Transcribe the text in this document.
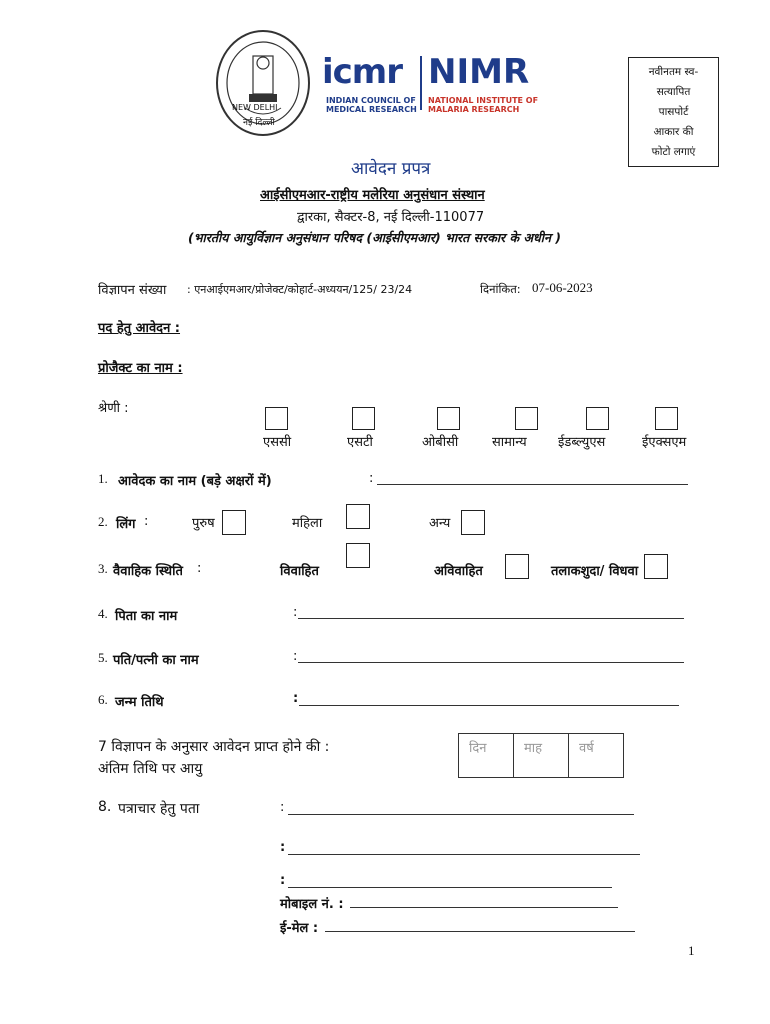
NEW DELHI
नई दिल्ली
icmr NIMR
INDIAN COUNCIL OF
MEDICAL RESEARCH
NATIONAL INSTITUTE OF
MALARIA RESEARCH
नवीनतम स्व-
सत्यापित
पासपोर्ट
आकार की
फोटो लगाएं
आवेदन प्रपत्र
आईसीएमआर-राष्ट्रीय मलेरिया अनुसंधान संस्थान
द्वारका, सैक्टर-8, नई दिल्ली-110077
(भारतीय आयुर्विज्ञान अनुसंधान परिषद (आईसीएमआर) भारत सरकार के अधीन )
विज्ञापन संख्या : एनआईएमआर/प्रोजेक्ट/कोहार्ट-अध्ययन/125/ 23/24	दिनांकित: 07-06-2023
पद हेतु आवेदन :
प्रोजैक्ट का नाम :
श्रेणी :
एससी	एसटी	ओबीसी	सामान्य ईडब्ल्युएस	ईएक्सएम
1. आवेदक का नाम (बड़े अक्षरों में)	:
2. लिंग :	पुरुष	महिला	अन्य
3. वैवाहिक स्थिति :	विवाहित	अविवाहित	तलाकशुदा/ विधवा
4. पिता का नाम	:
5. पति/पत्नी का नाम	:
6. जन्म तिथि	:
7 विज्ञापन के अनुसार आवेदन प्राप्त होने की :
अंतिम तिथि पर आयु
दिन	माह	वर्ष
8. पत्राचार हेतु पता	:
:
:
मोबाइल नं. :
ई-मेल :
1
